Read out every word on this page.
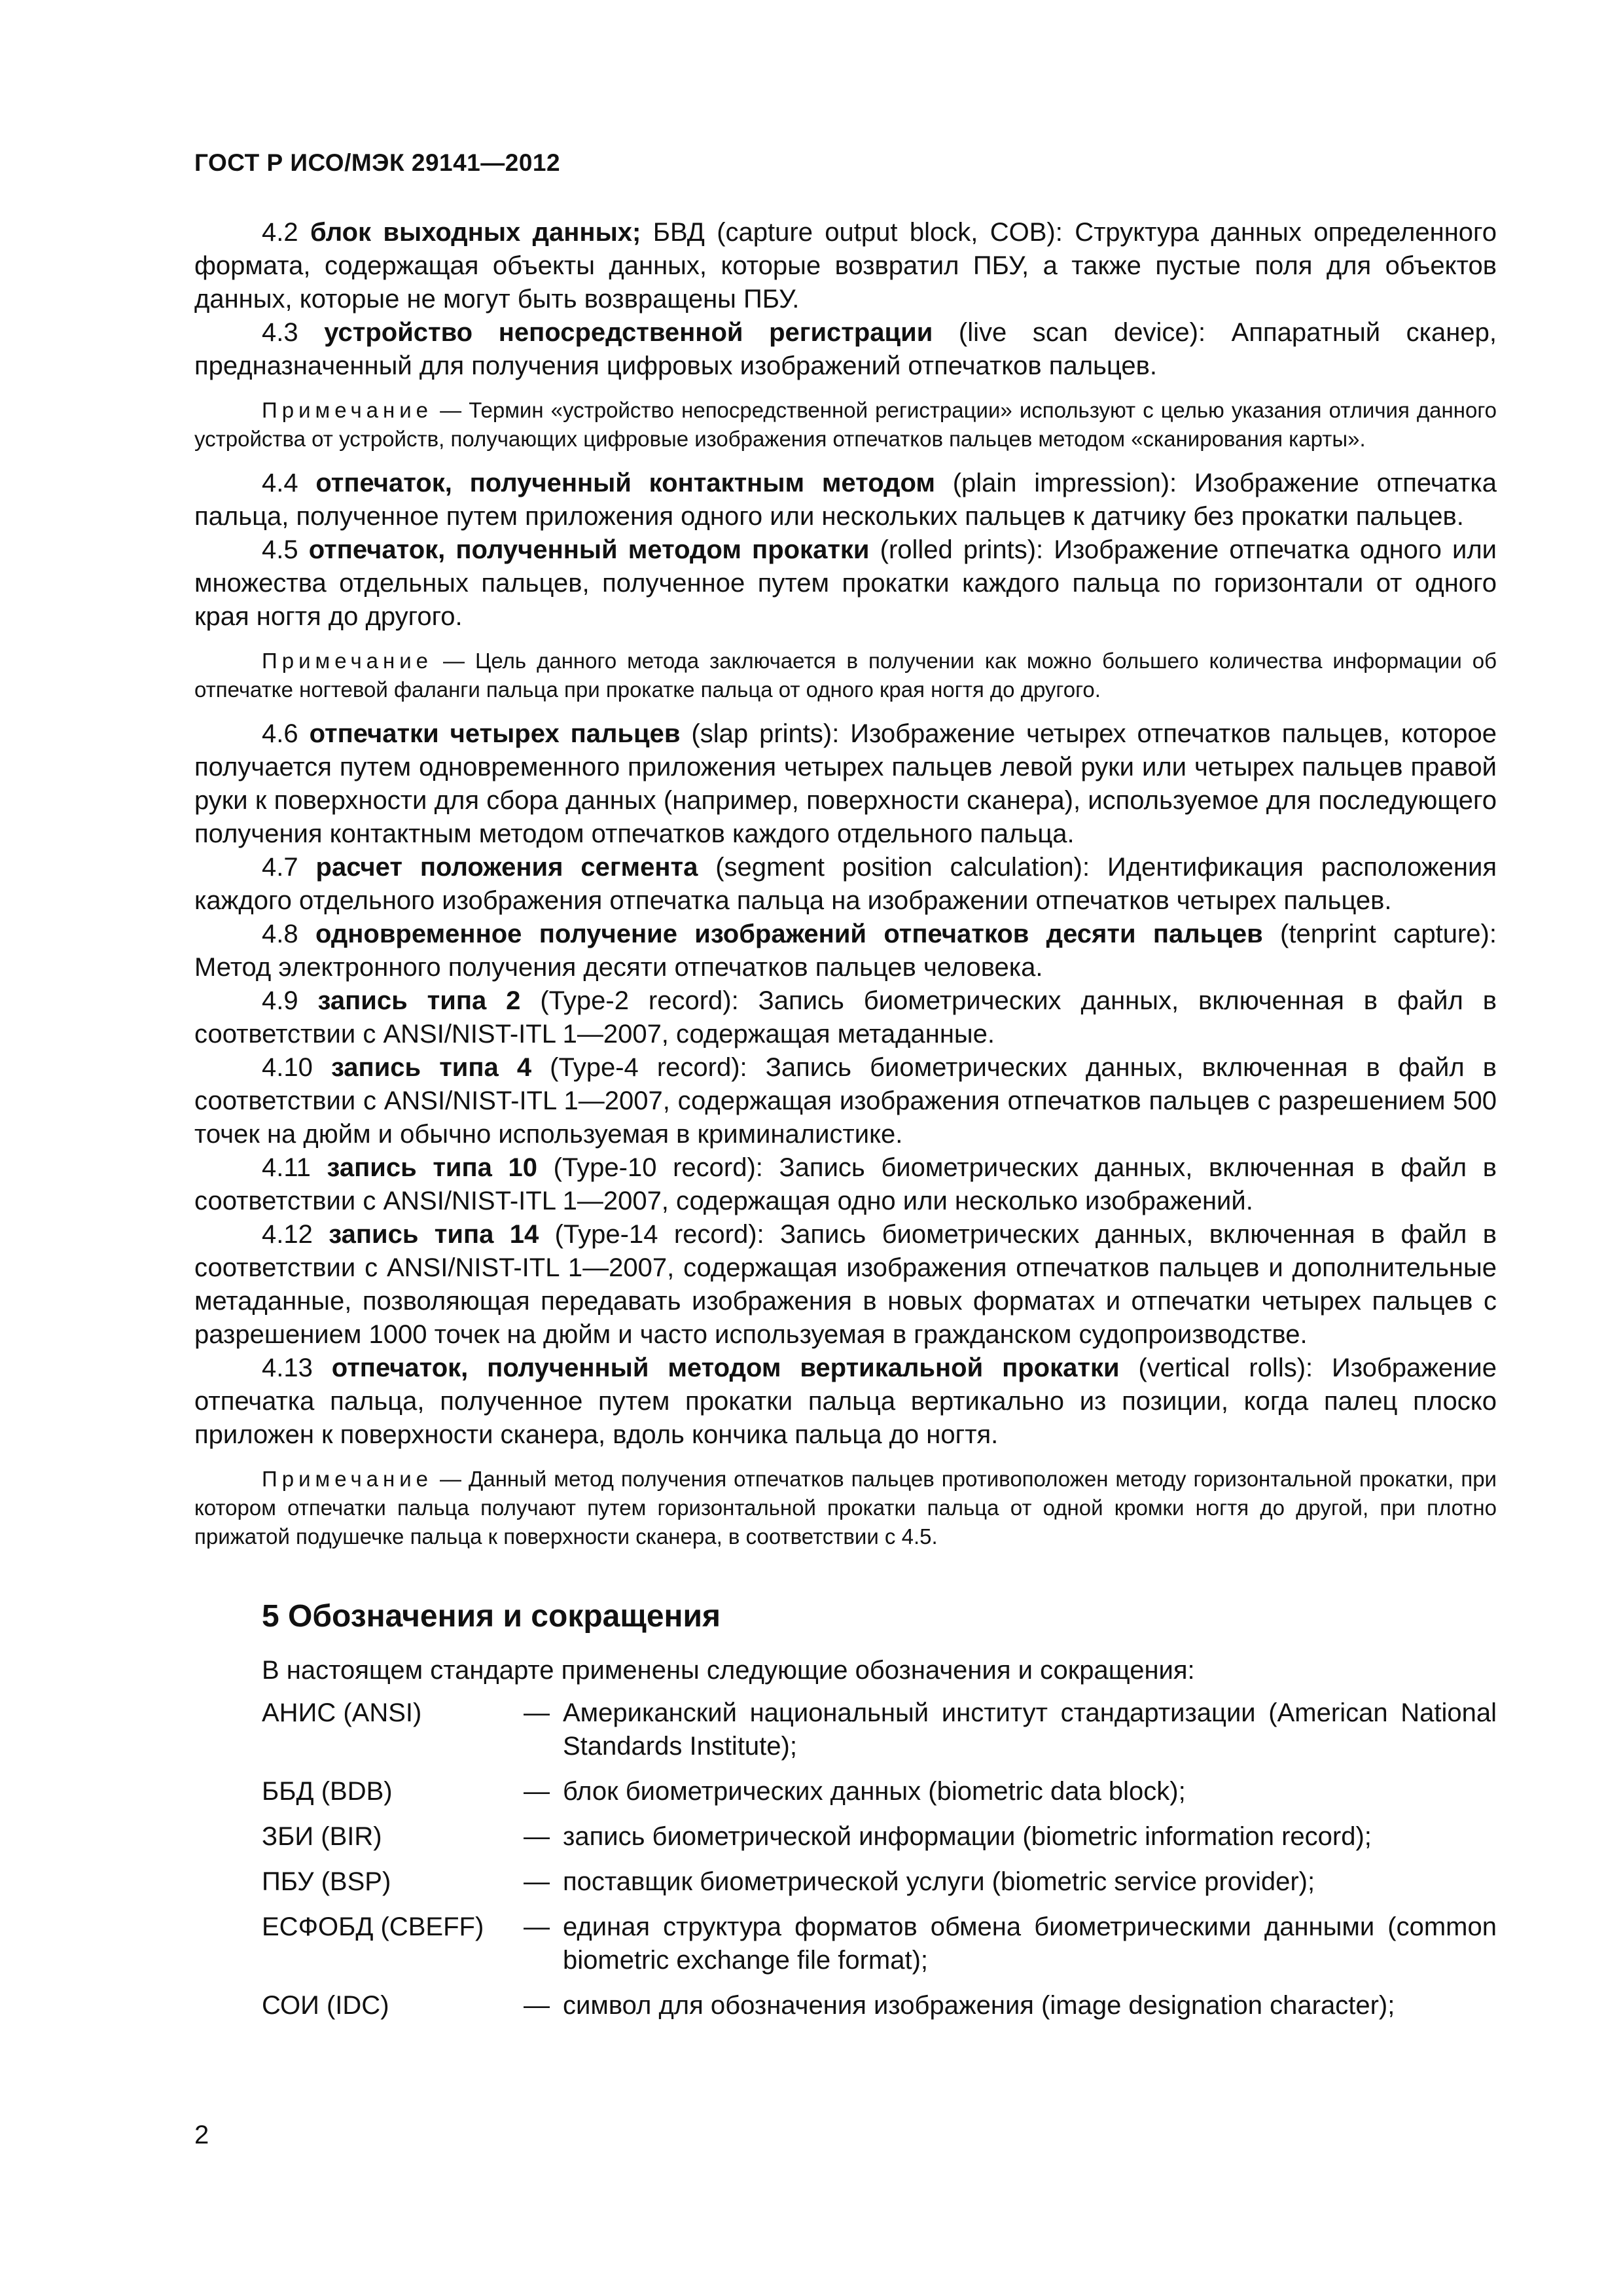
ГОСТ Р ИСО/МЭК 29141—2012

4.2 блок выходных данных; БВД (capture output block, COB): Структура данных определенного формата, содержащая объекты данных, которые возвратил ПБУ, а также пустые поля для объектов данных, которые не могут быть возвращены ПБУ.

4.3 устройство непосредственной регистрации (live scan device): Аппаратный сканер, предназначенный для получения цифровых изображений отпечатков пальцев.

Примечание — Термин «устройство непосредственной регистрации» используют с целью указания отличия данного устройства от устройств, получающих цифровые изображения отпечатков пальцев методом «сканирования карты».

4.4 отпечаток, полученный контактным методом (plain impression): Изображение отпечатка пальца, полученное путем приложения одного или нескольких пальцев к датчику без прокатки пальцев.

4.5 отпечаток, полученный методом прокатки (rolled prints): Изображение отпечатка одного или множества отдельных пальцев, полученное путем прокатки каждого пальца по горизонтали от одного края ногтя до другого.

Примечание — Цель данного метода заключается в получении как можно большего количества информации об отпечатке ногтевой фаланги пальца при прокатке пальца от одного края ногтя до другого.

4.6 отпечатки четырех пальцев (slap prints): Изображение четырех отпечатков пальцев, которое получается путем одновременного приложения четырех пальцев левой руки или четырех пальцев правой руки к поверхности для сбора данных (например, поверхности сканера), используемое для последующего получения контактным методом отпечатков каждого отдельного пальца.

4.7 расчет положения сегмента (segment position calculation): Идентификация расположения каждого отдельного изображения отпечатка пальца на изображении отпечатков четырех пальцев.

4.8 одновременное получение изображений отпечатков десяти пальцев (tenprint capture): Метод электронного получения десяти отпечатков пальцев человека.

4.9 запись типа 2 (Type-2 record): Запись биометрических данных, включенная в файл в соответствии с ANSI/NIST-ITL 1—2007, содержащая метаданные.

4.10 запись типа 4 (Type-4 record): Запись биометрических данных, включенная в файл в соответствии с ANSI/NIST-ITL 1—2007, содержащая изображения отпечатков пальцев с разрешением 500 точек на дюйм и обычно используемая в криминалистике.

4.11 запись типа 10 (Type-10 record): Запись биометрических данных, включенная в файл в соответствии с ANSI/NIST-ITL 1—2007, содержащая одно или несколько изображений.

4.12 запись типа 14 (Type-14 record): Запись биометрических данных, включенная в файл в соответствии с ANSI/NIST-ITL 1—2007, содержащая изображения отпечатков пальцев и дополнительные метаданные, позволяющая передавать изображения в новых форматах и отпечатки четырех пальцев с разрешением 1000 точек на дюйм и часто используемая в гражданском судопроизводстве.

4.13 отпечаток, полученный методом вертикальной прокатки (vertical rolls): Изображение отпечатка пальца, полученное путем прокатки пальца вертикально из позиции, когда палец плоско приложен к поверхности сканера, вдоль кончика пальца до ногтя.

Примечание — Данный метод получения отпечатков пальцев противоположен методу горизонтальной прокатки, при котором отпечатки пальца получают путем горизонтальной прокатки пальца от одной кромки ногтя до другой, при плотно прижатой подушечке пальца к поверхности сканера, в соответствии с 4.5.

5 Обозначения и сокращения
В настоящем стандарте применены следующие обозначения и сокращения:
АНИС (ANSI)	— Американский национальный институт стандартизации (American National Standards Institute);
ББД (BDB)	— блок биометрических данных (biometric data block);
ЗБИ (BIR)	— запись биометрической информации (biometric information record);
ПБУ (BSP)	— поставщик биометрической услуги (biometric service provider);
ЕСФОБД (CBEFF)	— единая структура форматов обмена биометрическими данными (common biometric exchange file format);
СОИ (IDC)	— символ для обозначения изображения (image designation character);
2
